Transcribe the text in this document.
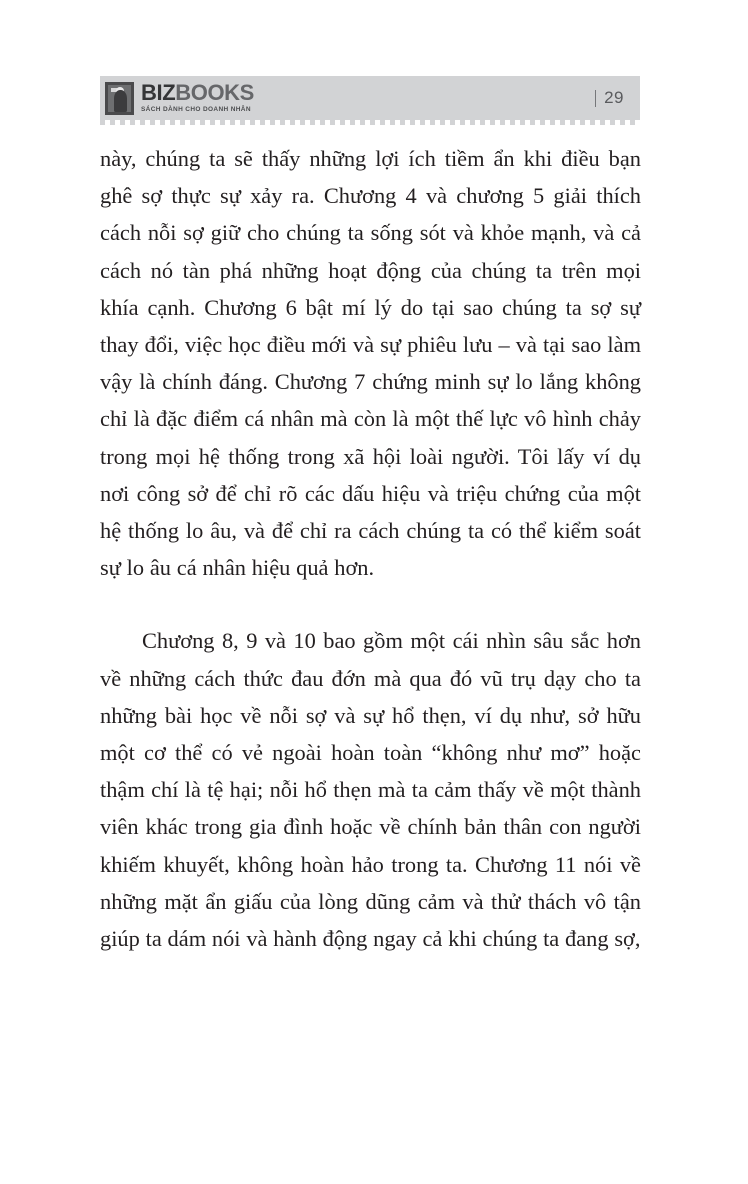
BIZBOOKS
SÁCH DÀNH CHO DOANH NHÂN
29

này, chúng ta sẽ thấy những lợi ích tiềm ẩn khi điều bạn ghê sợ thực sự xảy ra. Chương 4 và chương 5 giải thích cách nỗi sợ giữ cho chúng ta sống sót và khỏe mạnh, và cả cách nó tàn phá những hoạt động của chúng ta trên mọi khía cạnh. Chương 6 bật mí lý do tại sao chúng ta sợ sự thay đổi, việc học điều mới và sự phiêu lưu – và tại sao làm vậy là chính đáng. Chương 7 chứng minh sự lo lắng không chỉ là đặc điểm cá nhân mà còn là một thế lực vô hình chảy trong mọi hệ thống trong xã hội loài người. Tôi lấy ví dụ nơi công sở để chỉ rõ các dấu hiệu và triệu chứng của một hệ thống lo âu, và để chỉ ra cách chúng ta có thể kiểm soát sự lo âu cá nhân hiệu quả hơn.

Chương 8, 9 và 10 bao gồm một cái nhìn sâu sắc hơn về những cách thức đau đớn mà qua đó vũ trụ dạy cho ta những bài học về nỗi sợ và sự hổ thẹn, ví dụ như, sở hữu một cơ thể có vẻ ngoài hoàn toàn “không như mơ” hoặc thậm chí là tệ hại; nỗi hổ thẹn mà ta cảm thấy về một thành viên khác trong gia đình hoặc về chính bản thân con người khiếm khuyết, không hoàn hảo trong ta. Chương 11 nói về những mặt ẩn giấu của lòng dũng cảm và thử thách vô tận giúp ta dám nói và hành động ngay cả khi chúng ta đang sợ,
